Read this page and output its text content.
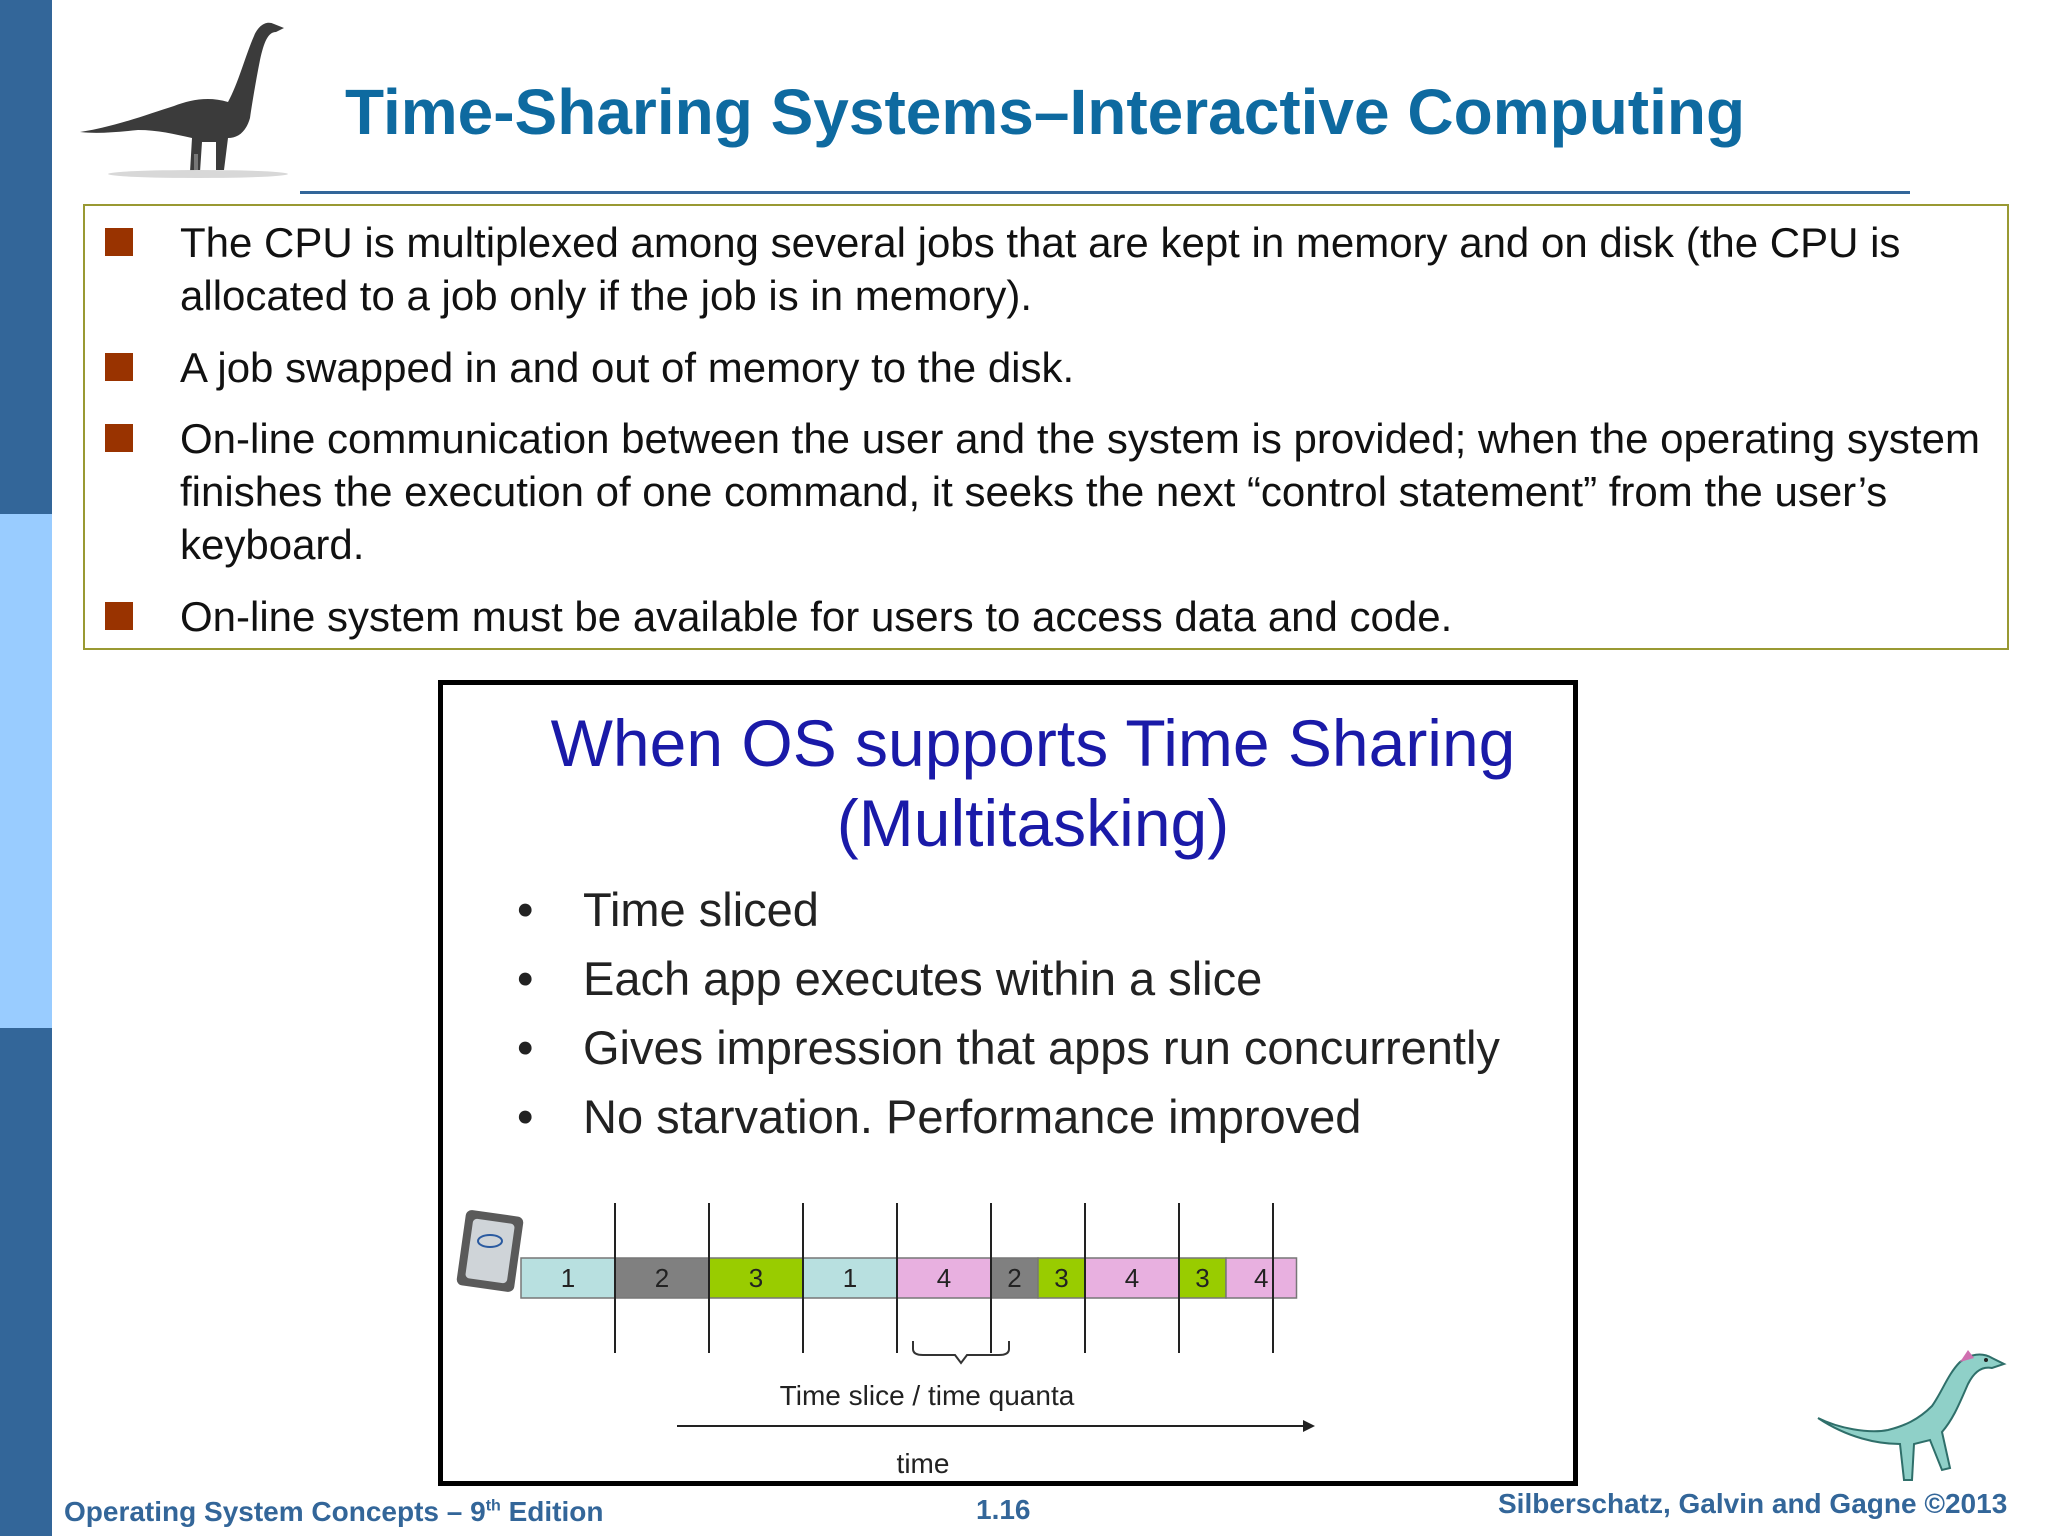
Time-Sharing Systems–Interactive Computing
The CPU is multiplexed among several jobs that are kept in memory and on disk (the CPU is allocated to a job only if the job is in memory).
A job swapped in and out of memory to the disk.
On-line communication between the user and the system is provided; when the operating system finishes the execution of one command, it seeks the next “control statement” from the user’s keyboard.
On-line system must be available for users to access data and code.
When OS supports Time Sharing
(Multitasking)
• Time sliced
• Each app executes within a slice
• Gives impression that apps run concurrently
• No starvation. Performance improved
1	2	3	1	4 2 3 4 3 4
Time slice / time quanta
time
Operating System Concepts – 9th Edition	1.16	Silberschatz, Galvin and Gagne ©2013
